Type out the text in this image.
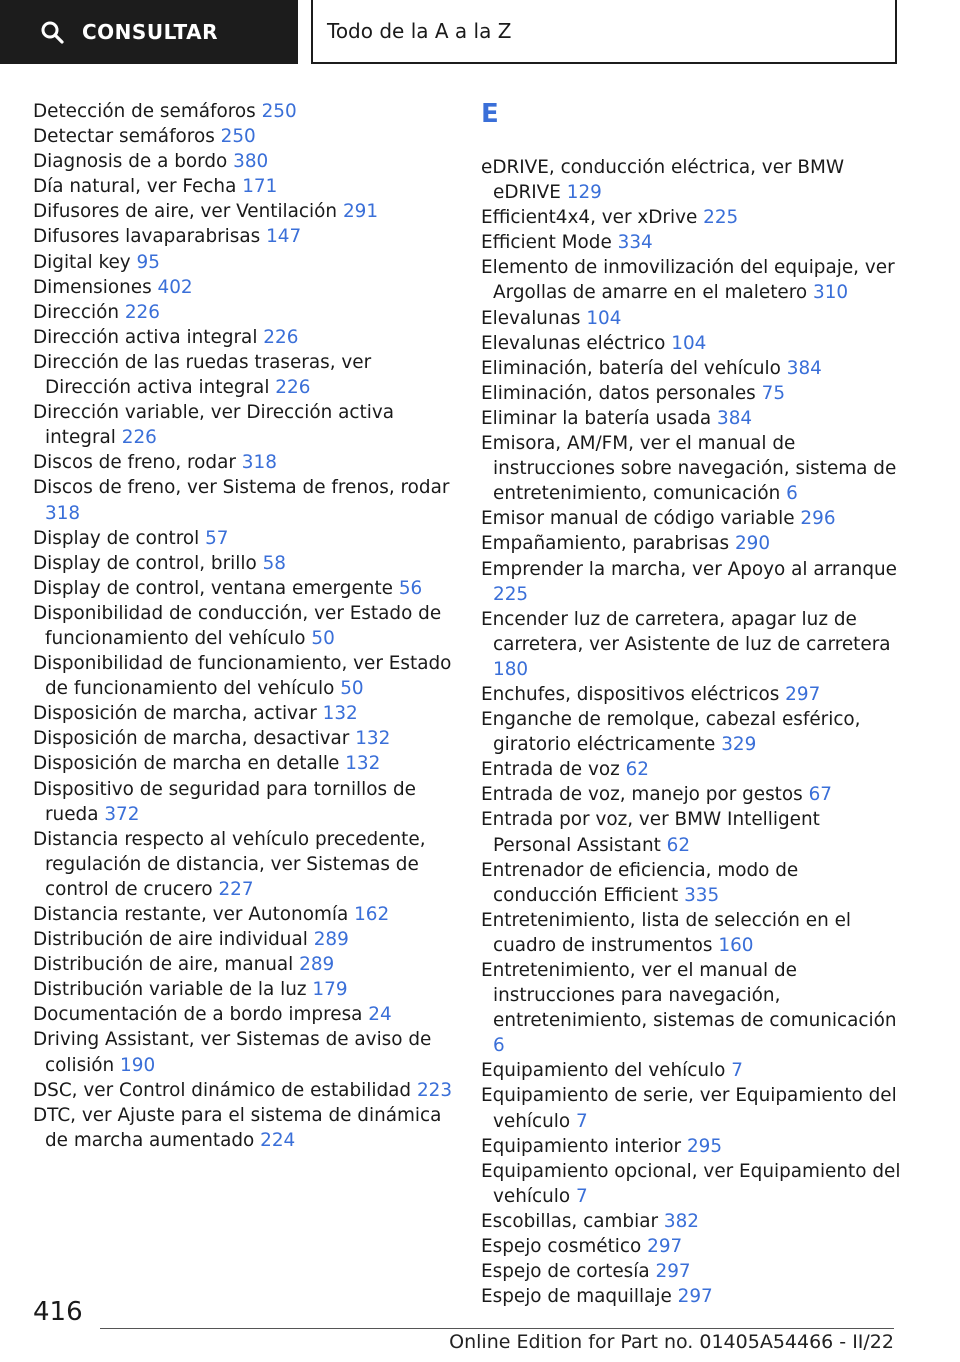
CONSULTAR	Todo de la A a la Z
Detección de semáforos 250
Detectar semáforos 250
Diagnosis de a bordo 380
Día natural, ver Fecha 171
Difusores de aire, ver Ventilación 291
Difusores lavaparabrisas 147
Digital key 95
Dimensiones 402
Dirección 226
Dirección activa integral 226
Dirección de las ruedas traseras, ver Dirección activa integral 226
Dirección variable, ver Dirección activa integral 226
Discos de freno, rodar 318
Discos de freno, ver Sistema de frenos, rodar 318
Display de control 57
Display de control, brillo 58
Display de control, ventana emergente 56
Disponibilidad de conducción, ver Estado de funcionamiento del vehículo 50
Disponibilidad de funcionamiento, ver Estado de funcionamiento del vehículo 50
Disposición de marcha, activar 132
Disposición de marcha, desactivar 132
Disposición de marcha en detalle 132
Dispositivo de seguridad para tornillos de rueda 372
Distancia respecto al vehículo precedente, regulación de distancia, ver Sistemas de control de crucero 227
Distancia restante, ver Autonomía 162
Distribución de aire individual 289
Distribución de aire, manual 289
Distribución variable de la luz 179
Documentación de a bordo impresa 24
Driving Assistant, ver Sistemas de aviso de colisión 190
DSC, ver Control dinámico de estabilidad 223
DTC, ver Ajuste para el sistema de dinámica de marcha aumentado 224
E
eDRIVE, conducción eléctrica, ver BMW eDRIVE 129
Efficient4x4, ver xDrive 225
Efficient Mode 334
Elemento de inmovilización del equipaje, ver Argollas de amarre en el maletero 310
Elevalunas 104
Elevalunas eléctrico 104
Eliminación, batería del vehículo 384
Eliminación, datos personales 75
Eliminar la batería usada 384
Emisora, AM/FM, ver el manual de instrucciones sobre navegación, sistema de entretenimiento, comunicación 6
Emisor manual de código variable 296
Empañamiento, parabrisas 290
Emprender la marcha, ver Apoyo al arranque 225
Encender luz de carretera, apagar luz de carretera, ver Asistente de luz de carretera 180
Enchufes, dispositivos eléctricos 297
Enganche de remolque, cabezal esférico, giratorio eléctricamente 329
Entrada de voz 62
Entrada de voz, manejo por gestos 67
Entrada por voz, ver BMW Intelligent Personal Assistant 62
Entrenador de eficiencia, modo de conducción Efficient 335
Entretenimiento, lista de selección en el cuadro de instrumentos 160
Entretenimiento, ver el manual de instrucciones para navegación, entretenimiento, sistemas de comunicación 6
Equipamiento del vehículo 7
Equipamiento de serie, ver Equipamiento del vehículo 7
Equipamiento interior 295
Equipamiento opcional, ver Equipamiento del vehículo 7
Escobillas, cambiar 382
Espejo cosmético 297
Espejo de cortesía 297
Espejo de maquillaje 297
416
Online Edition for Part no. 01405A54466 - II/22
